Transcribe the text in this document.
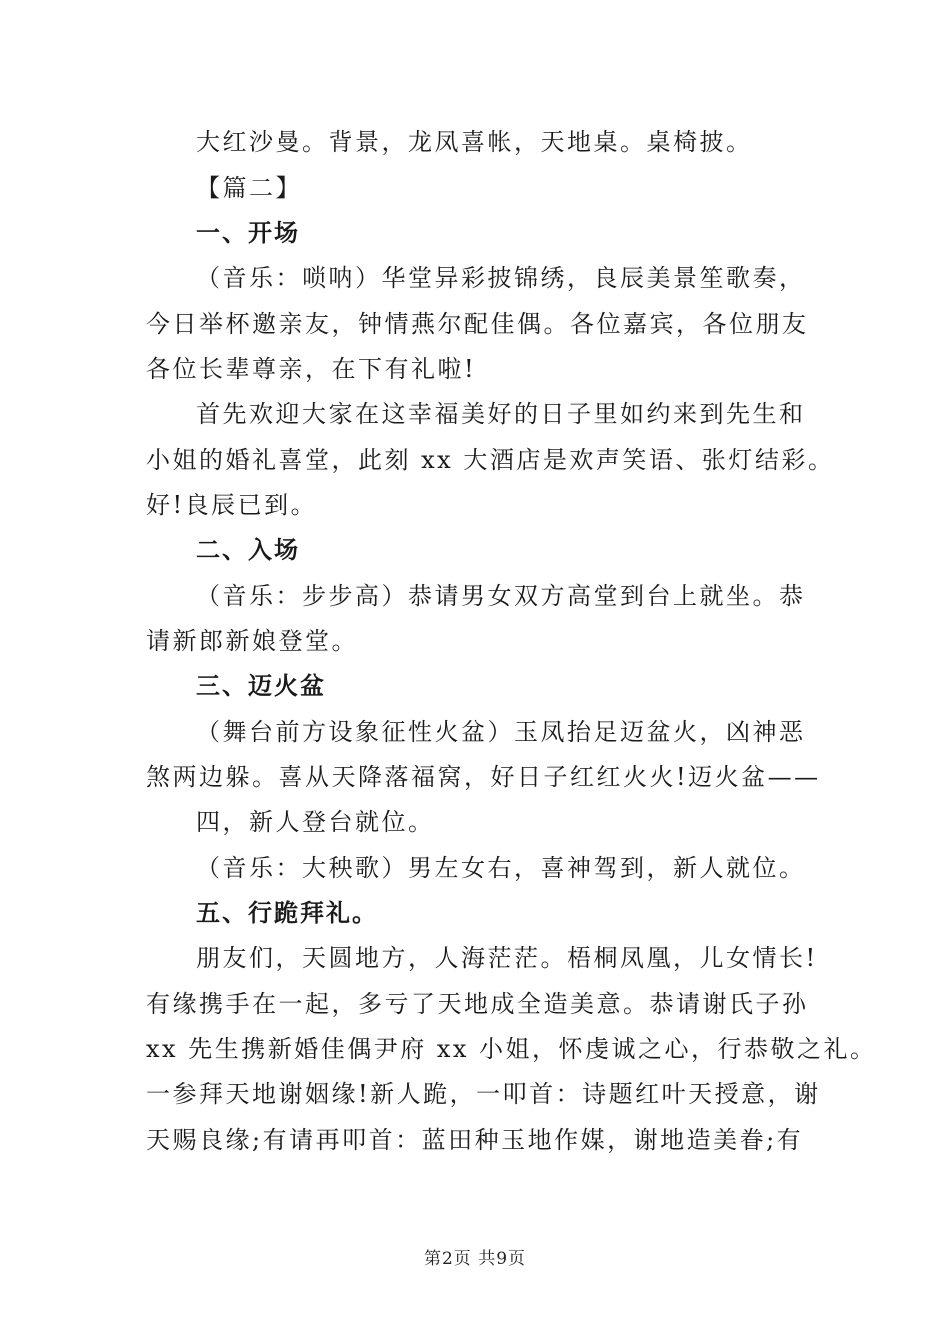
大红沙曼。背景，龙凤喜帐，天地桌。桌椅披。
【篇二】
一、开场
（音乐：唢呐）华堂异彩披锦绣，良辰美景笙歌奏，
今日举杯邀亲友，钟情燕尔配佳偶。各位嘉宾，各位朋友
各位长辈尊亲，在下有礼啦!
首先欢迎大家在这幸福美好的日子里如约来到先生和
小姐的婚礼喜堂，此刻 xx 大酒店是欢声笑语、张灯结彩。
好!良辰已到。
二、入场
（音乐：步步高）恭请男女双方高堂到台上就坐。恭
请新郎新娘登堂。
三、迈火盆
（舞台前方设象征性火盆）玉凤抬足迈盆火，凶神恶
煞两边躲。喜从天降落福窝，好日子红红火火!迈火盆——
四，新人登台就位。
（音乐：大秧歌）男左女右，喜神驾到，新人就位。
五、行跪拜礼。
朋友们，天圆地方，人海茫茫。梧桐凤凰，儿女情长!
有缘携手在一起，多亏了天地成全造美意。恭请谢氏子孙
xx 先生携新婚佳偶尹府 xx 小姐，怀虔诚之心，行恭敬之礼。
一参拜天地谢姻缘!新人跪，一叩首：诗题红叶天授意，谢
天赐良缘;有请再叩首：蓝田种玉地作媒，谢地造美眷;有
第2页 共9页
